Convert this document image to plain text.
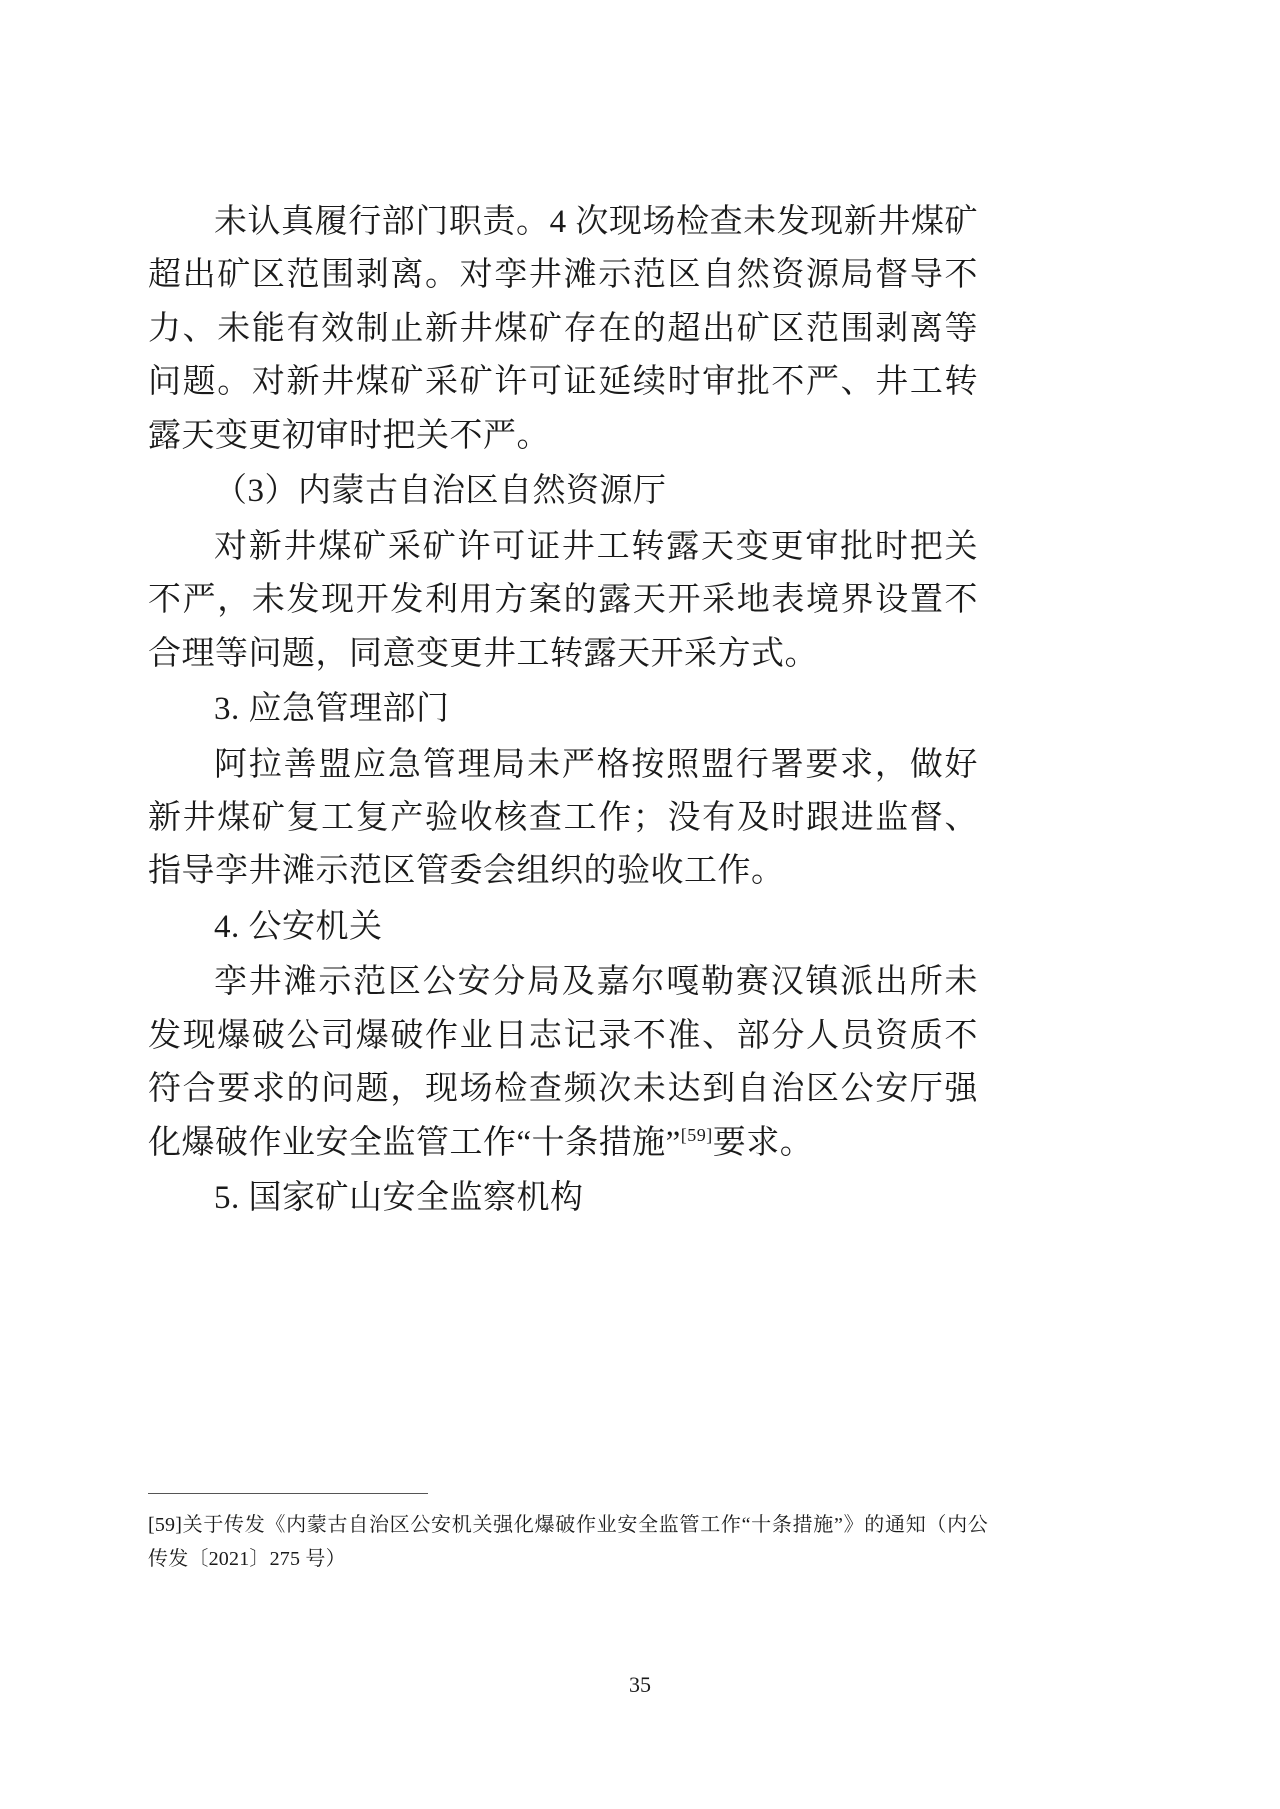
未认真履行部门职责。4 次现场检查未发现新井煤矿超出矿区范围剥离。对孪井滩示范区自然资源局督导不力、未能有效制止新井煤矿存在的超出矿区范围剥离等问题。对新井煤矿采矿许可证延续时审批不严、井工转露天变更初审时把关不严。

（3）内蒙古自治区自然资源厅

对新井煤矿采矿许可证井工转露天变更审批时把关不严，未发现开发利用方案的露天开采地表境界设置不合理等问题，同意变更井工转露天开采方式。

3. 应急管理部门

阿拉善盟应急管理局未严格按照盟行署要求，做好新井煤矿复工复产验收核查工作；没有及时跟进监督、指导孪井滩示范区管委会组织的验收工作。

4. 公安机关

孪井滩示范区公安分局及嘉尔嘎勒赛汉镇派出所未发现爆破公司爆破作业日志记录不准、部分人员资质不符合要求的问题，现场检查频次未达到自治区公安厅强化爆破作业安全监管工作“十条措施”[59]要求。

5. 国家矿山安全监察机构

[59]关于传发《内蒙古自治区公安机关强化爆破作业安全监管工作“十条措施”》的通知（内公传发〔2021〕275 号）

35
